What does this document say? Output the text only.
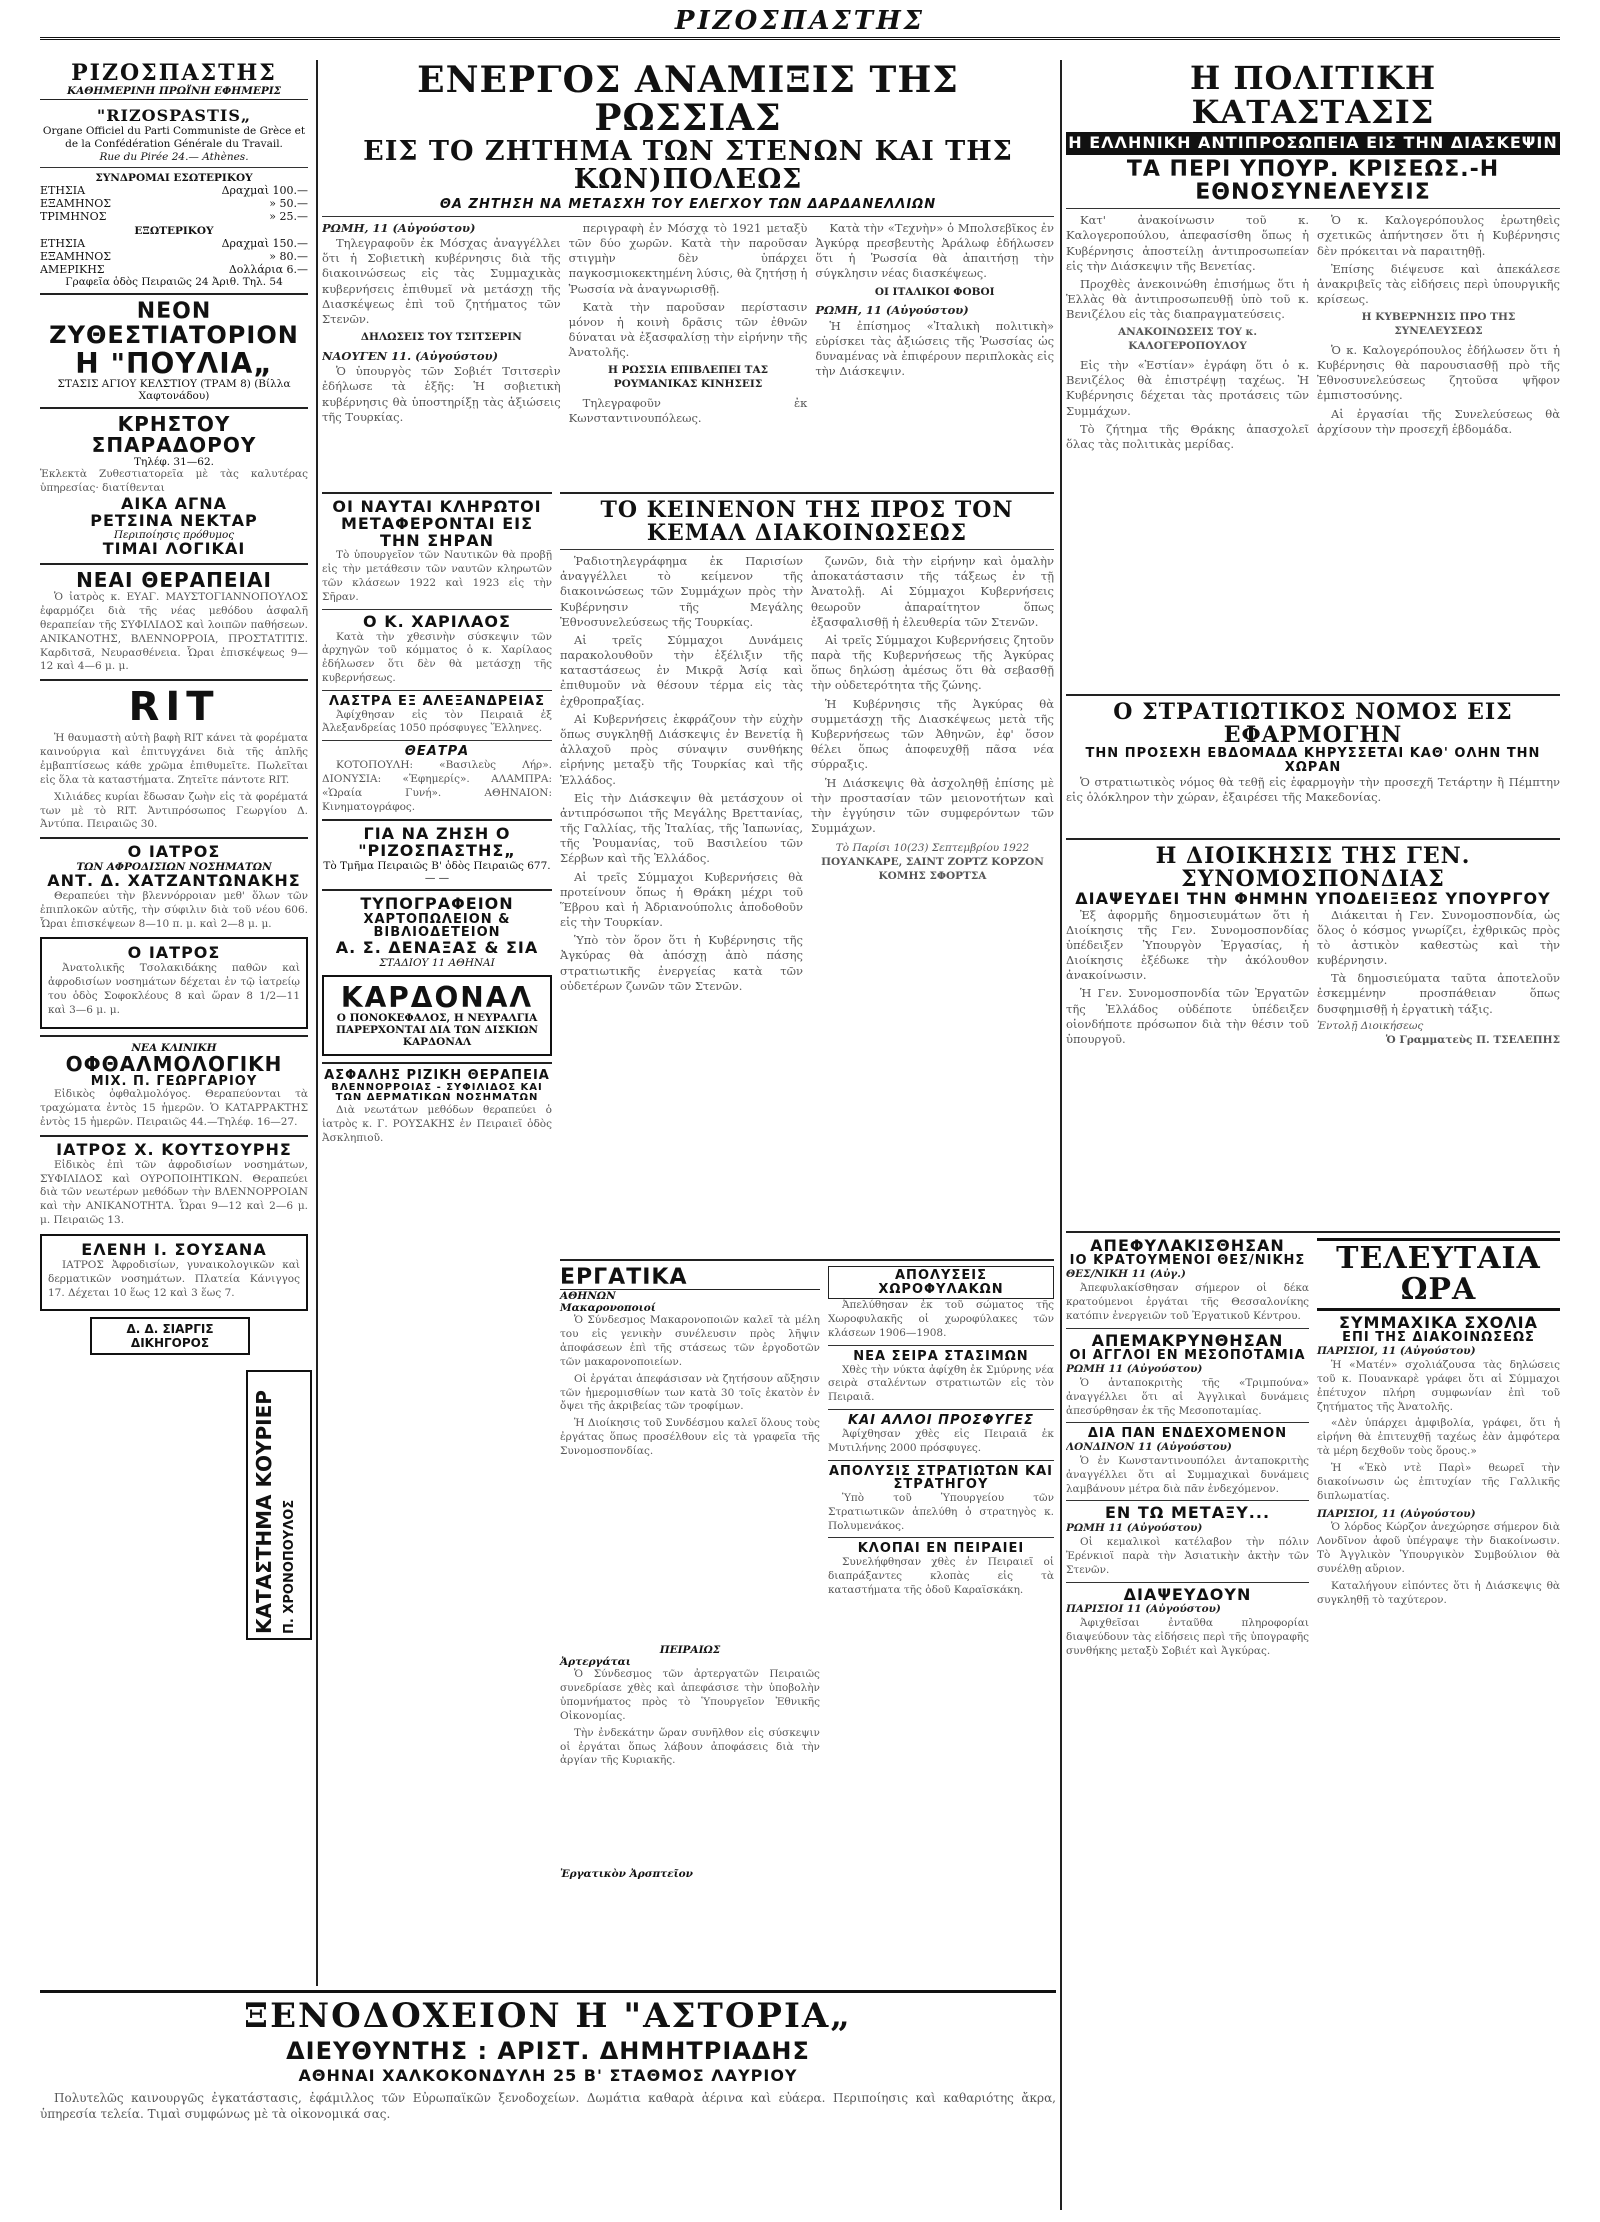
ΡΙΖΟΣΠΑΣΤΗΣ
ΡΙΖΟΣΠΑΣΤΗΣ
ΚΑΘΗΜΕΡΙΝΗ ΠΡΩΪΝΗ ΕΦΗΜΕΡΙΣ
"RIZOSPASTIS„
Organe Officiel du Parti Communiste de Grèce et de la Confédération Générale du Travail.
Rue du Pirée 24.— Athènes.
ΣΥΝΔΡΟΜΑΙ ΕΣΩΤΕΡΙΚΟΥ
ΕΤΗΣΙΑ	Δραχμαὶ 100.—
ΕΞΑΜΗΝΟΣ	» 50.—
ΤΡΙΜΗΝΟΣ	» 25.—
ΕΞΩΤΕΡΙΚΟΥ
ΕΤΗΣΙΑ	Δραχμαὶ 150.—
ΕΞΑΜΗΝΟΣ	» 80.—
ΑΜΕΡΙΚΗΣ	Δολλάρια 6.—
Γραφεῖα ὁδὸς Πειραιῶς 24 Ἀριθ. Τηλ. 54
ΝΕΟΝ
ΖΥΘΕΣΤΙΑΤΟΡΙΟΝ
Η "ΠΟΥΛΙΑ„
ΣΤΑΣΙΣ ΑΓΙΟΥ ΚΕΛΣΤΙΟΥ (ΤΡΑΜ 8) (Βίλλα Χαφτονάδου)
ΚΡΗΣΤΟΥ ΣΠΑΡΑΔΟΡΟΥ
Τηλέφ. 31—62.
Ἑκλεκτὰ Ζυθεστιατορεῖα μὲ τὰς καλυτέρας ὑπηρεσίας· διατίθενται
ΑΙΚΑ ΑΓΝΑ
ΡΕΤΣΙΝΑ ΝΕΚΤΑΡ
Περιποίησις πρόθυμος
ΤΙΜΑΙ ΛΟΓΙΚΑΙ
ΝΕΑΙ ΘΕΡΑΠΕΙΑΙ

Ὁ ἰατρὸς κ. ΕΥΑΓ. ΜΑΥΣΤΟΓΙΑΝΝΟΠΟΥΛΟΣ ἐφαρμόζει διὰ τῆς νέας μεθόδου ἀσφαλῆ θεραπείαν τῆς ΣΥΦΙΛΙΔΟΣ καὶ λοιπῶν παθήσεων. ΑΝΙΚΑΝΟΤΗΣ, ΒΛΕΝΝΟΡΡΟΙΑ, ΠΡΟΣΤΑΤΙΤΙΣ. Καρδιτσᾶ, Νευρασθένεια. Ὧραι ἐπισκέψεως 9—12 καὶ 4—6 μ. μ.

RIT

Ἡ θαυμαστὴ αὐτὴ βαφὴ RIT κάνει τὰ φορέματα καινούργια καὶ ἐπιτυγχάνει διὰ τῆς ἁπλῆς ἐμβαπτίσεως κάθε χρῶμα ἐπιθυμεῖτε. Πωλεῖται εἰς ὅλα τὰ καταστήματα. Ζητεῖτε πάντοτε RIT.

Χιλιάδες κυρίαι ἔδωσαν ζωὴν εἰς τὰ φορέματά των μὲ τὸ RIT. Ἀντιπρόσωπος Γεωργίου Δ. Ἀντύπα. Πειραιῶς 30.

Ο ΙΑΤΡΟΣ
ΤΩΝ ΑΦΡΟΔΙΣΙΩΝ ΝΟΣΗΜΑΤΩΝ
ΑΝΤ. Δ. ΧΑΤΖΑΝΤΩΝΑΚΗΣ

Θεραπεύει τὴν βλεννόρροιαν μεθ' ὅλων τῶν ἐπιπλοκῶν αὐτῆς, τὴν σύφιλιν διὰ τοῦ νέου 606. Ὧραι ἐπισκέψεων 8—10 π. μ. καὶ 2—8 μ. μ.

Ο ΙΑΤΡΟΣ

Ἀνατολικῆς Τσολακιδάκης παθῶν καὶ ἀφροδισίων νοσημάτων δέχεται ἐν τῷ ἰατρείῳ του ὁδὸς Σοφοκλέους 8 καὶ ὥραν 8 1/2—11 καὶ 3—6 μ. μ.

ΝΕΑ ΚΛΙΝΙΚΗ
ΟΦΘΑΛΜΟΛΟΓΙΚΗ
ΜΙΧ. Π. ΓΕΩΡΓΑΡΙΟΥ

Εἰδικὸς ὀφθαλμολόγος. Θεραπεύονται τὰ τραχώματα ἐντὸς 15 ἡμερῶν. Ὁ ΚΑΤΑΡΡΑΚΤΗΣ ἐντὸς 15 ἡμερῶν. Πειραιῶς 44.—Τηλέφ. 16—27.

ΙΑΤΡΟΣ Χ. ΚΟΥΤΣΟΥΡΗΣ

Εἰδικὸς ἐπὶ τῶν ἀφροδισίων νοσημάτων, ΣΥΦΙΛΙΔΟΣ καὶ ΟΥΡΟΠΟΙΗΤΙΚΩΝ. Θεραπεύει διὰ τῶν νεωτέρων μεθόδων τὴν ΒΛΕΝΝΟΡΡΟΙΑΝ καὶ τὴν ΑΝΙΚΑΝΟΤΗΤΑ. Ὧραι 9—12 καὶ 2—6 μ. μ. Πειραιῶς 13.

ΕΛΕΝΗ Ι. ΣΟΥΣΑΝΑ

ΙΑΤΡΟΣ Ἀφροδισίων, γυναικολογικῶν καὶ δερματικῶν νοσημάτων. Πλατεία Κάνιγγος 17. Δέχεται 10 ἕως 12 καὶ 3 ἕως 7.

Δ. Δ. ΣΙΑΡΓΙΣ ΔΙΚΗΓΟΡΟΣ
ΕΝΕΡΓΟΣ ΑΝΑΜΙΞΙΣ ΤΗΣ ΡΩΣΣΙΑΣ
ΕΙΣ ΤΟ ΖΗΤΗΜΑ ΤΩΝ ΣΤΕΝΩΝ ΚΑΙ ΤΗΣ ΚΩΝ)ΠΟΛΕΩΣ
ΘΑ ΖΗΤΗΣΗ ΝΑ ΜΕΤΑΣΧΗ ΤΟΥ ΕΛΕΓΧΟΥ ΤΩΝ ΔΑΡΔΑΝΕΛΛΙΩΝ
ΡΩΜΗ, 11 (Αὐγούστου)

Τηλεγραφοῦν ἐκ Μόσχας ἀναγγέλλει ὅτι ἡ Σοβιετικὴ κυβέρνησις διὰ τῆς διακοινώσεως εἰς τὰς Συμμαχικὰς κυβερνήσεις ἐπιθυμεῖ νὰ μετάσχῃ τῆς Διασκέψεως ἐπὶ τοῦ ζητήματος τῶν Στενῶν.

ΔΗΛΩΣΕΙΣ ΤΟΥ ΤΣΙΤΣΕΡΙΝ
ΝΑΟΥΓΕΝ 11. (Αὐγούστου)

Ὁ ὑπουργὸς τῶν Σοβιέτ Τσιτσερὶν ἐδήλωσε τὰ ἑξῆς: Ἡ σοβιετικὴ κυβέρνησις θὰ ὑποστηρίξῃ τὰς ἀξιώσεις τῆς Τουρκίας.

περιγραφὴ ἐν Μόσχᾳ τὸ 1921 μεταξὺ τῶν δύο χωρῶν. Κατὰ τὴν παροῦσαν στιγμὴν δὲν ὑπάρχει παγκοσμιοκεκτημένη λύσις, θὰ ζητήσῃ ἡ Ῥωσσία νὰ ἀναγνωρισθῇ.

Κατὰ τὴν παροῦσαν περίστασιν μόνον ἡ κοινὴ δρᾶσις τῶν ἐθνῶν δύναται νὰ ἐξασφαλίσῃ τὴν εἰρήνην τῆς Ἀνατολῆς.

Η ΡΩΣΣΙΑ ΕΠΙΒΛΕΠΕΙ ΤΑΣ ΡΟΥΜΑΝΙΚΑΣ ΚΙΝΗΣΕΙΣ

Τηλεγραφοῦν ἐκ Κωνσταντινουπόλεως.

Κατὰ τὴν «Τεχνὴν» ὁ Μπολσεβῖκος ἐν Ἀγκύρᾳ πρεσβευτὴς Ἀράλωφ ἐδήλωσεν ὅτι ἡ Ῥωσσία θὰ ἀπαιτήσῃ τὴν σύγκλησιν νέας διασκέψεως.

ΟΙ ΙΤΑΛΙΚΟΙ ΦΟΒΟΙ
ΡΩΜΗ, 11 (Αὐγούστου)

Ἡ ἐπίσημος «Ἰταλικὴ πολιτικὴ» εὑρίσκει τὰς ἀξιώσεις τῆς Ῥωσσίας ὡς δυναμένας νὰ ἐπιφέρουν περιπλοκὰς εἰς τὴν Διάσκεψιν.

ΟΙ ΝΑΥΤΑΙ ΚΛΗΡΩΤΟΙ
ΜΕΤΑΦΕΡΟΝΤΑΙ ΕΙΣ ΤΗΝ ΣΗΡΑΝ

Τὸ ὑπουργεῖον τῶν Ναυτικῶν θὰ προβῇ εἰς τὴν μετάθεσιν τῶν ναυτῶν κληρωτῶν τῶν κλάσεων 1922 καὶ 1923 εἰς τὴν Σῆραν.

Ο Κ. ΧΑΡΙΛΑΟΣ

Κατὰ τὴν χθεσινὴν σύσκεψιν τῶν ἀρχηγῶν τοῦ κόμματος ὁ κ. Χαρίλαος ἐδήλωσεν ὅτι δὲν θὰ μετάσχῃ τῆς κυβερνήσεως.

ΛΑΣΤΡΑ ΕΞ ΑΛΕΞΑΝΔΡΕΙΑΣ

Ἀφίχθησαν εἰς τὸν Πειραιᾶ ἐξ Ἀλεξανδρείας 1050 πρόσφυγες Ἕλληνες.

ΘΕΑΤΡΑ

ΚΟΤΟΠΟΥΛΗ: «Βασιλεὺς Λήρ». ΔΙΟΝΥΣΙΑ: «Ἐφημερίς». ΑΛΑΜΠΡΑ: «Ὡραία Γυνή». ΑΘΗΝΑΙΟΝ: Κινηματογράφος.

ΓΙΑ ΝΑ ΖΗΣΗ Ο "ΡΙΖΟΣΠΑΣΤΗΣ„
Τὸ Τμῆμα Πειραιῶς Β' ὁδὸς Πειραιῶς 677. — —
ΤΥΠΟΓΡΑΦΕΙΟΝ
ΧΑΡΤΟΠΩΛΕΙΟΝ & ΒΙΒΛΙΟΔΕΤΕΙΟΝ
Α. Σ. ΔΕΝΑΞΑΣ & ΣΙΑ
ΣΤΑΔΙΟΥ 11 ΑΘΗΝΑΙ
ΚΑΡΔΟΝΑΛ
Ο ΠΟΝΟΚΕΦΑΛΟΣ, Η ΝΕΥΡΑΛΓΙΑ ΠΑΡΕΡΧΟΝΤΑΙ ΔΙΑ ΤΩΝ ΔΙΣΚΙΩΝ ΚΑΡΔΟΝΑΛ
ΑΣΦΑΛΗΣ ΡΙΖΙΚΗ ΘΕΡΑΠΕΙΑ
ΒΛΕΝΝΟΡΡΟΙΑΣ - ΣΥΦΙΛΙΔΟΣ ΚΑΙ ΤΩΝ ΔΕΡΜΑΤΙΚΩΝ ΝΟΣΗΜΑΤΩΝ

Διὰ νεωτάτων μεθόδων θεραπεύει ὁ ἰατρὸς κ. Γ. ΡΟΥΣΑΚΗΣ ἐν Πειραιεῖ ὁδὸς Ἀσκληπιοῦ.

ΤΟ ΚΕΙΝΕΝΟΝ ΤΗΣ ΠΡΟΣ ΤΟΝ ΚΕΜΑΛ ΔΙΑΚΟΙΝΩΣΕΩΣ

Ῥαδιοτηλεγράφημα ἐκ Παρισίων ἀναγγέλλει τὸ κείμενον τῆς διακοινώσεως τῶν Συμμάχων πρὸς τὴν Κυβέρνησιν τῆς Μεγάλης Ἐθνοσυνελεύσεως τῆς Τουρκίας.

Αἱ τρεῖς Σύμμαχοι Δυνάμεις παρακολουθοῦν τὴν ἐξέλιξιν τῆς καταστάσεως ἐν Μικρᾷ Ἀσίᾳ καὶ ἐπιθυμοῦν νὰ θέσουν τέρμα εἰς τὰς ἐχθροπραξίας.

Αἱ Κυβερνήσεις ἐκφράζουν τὴν εὐχὴν ὅπως συγκληθῇ Διάσκεψις ἐν Βενετίᾳ ἢ ἀλλαχοῦ πρὸς σύναψιν συνθήκης εἰρήνης μεταξὺ τῆς Τουρκίας καὶ τῆς Ἑλλάδος.

Εἰς τὴν Διάσκεψιν θὰ μετάσχουν οἱ ἀντιπρόσωποι τῆς Μεγάλης Βρεττανίας, τῆς Γαλλίας, τῆς Ἰταλίας, τῆς Ἰαπωνίας, τῆς Ῥουμανίας, τοῦ Βασιλείου τῶν Σέρβων καὶ τῆς Ἑλλάδος.

Αἱ τρεῖς Σύμμαχοι Κυβερνήσεις θὰ προτείνουν ὅπως ἡ Θράκη μέχρι τοῦ Ἕβρου καὶ ἡ Ἀδριανούπολις ἀποδοθοῦν εἰς τὴν Τουρκίαν.

Ὑπὸ τὸν ὅρον ὅτι ἡ Κυβέρνησις τῆς Ἀγκύρας θὰ ἀπόσχῃ ἀπὸ πάσης στρατιωτικῆς ἐνεργείας κατὰ τῶν οὐδετέρων ζωνῶν τῶν Στενῶν.

ζωνῶν, διὰ τὴν εἰρήνην καὶ ὁμαλὴν ἀποκατάστασιν τῆς τάξεως ἐν τῇ Ἀνατολῇ. Αἱ Σύμμαχοι Κυβερνήσεις θεωροῦν ἀπαραίτητον ὅπως ἐξασφαλισθῇ ἡ ἐλευθερία τῶν Στενῶν.

Αἱ τρεῖς Σύμμαχοι Κυβερνήσεις ζητοῦν παρὰ τῆς Κυβερνήσεως τῆς Ἀγκύρας ὅπως δηλώσῃ ἀμέσως ὅτι θὰ σεβασθῇ τὴν οὐδετερότητα τῆς ζώνης.

Ἡ Κυβέρνησις τῆς Ἀγκύρας θὰ συμμετάσχῃ τῆς Διασκέψεως μετὰ τῆς Κυβερνήσεως τῶν Ἀθηνῶν, ἐφ' ὅσον θέλει ὅπως ἀποφευχθῇ πᾶσα νέα σύρραξις.

Ἡ Διάσκεψις θὰ ἀσχοληθῇ ἐπίσης μὲ τὴν προστασίαν τῶν μειονοτήτων καὶ τὴν ἐγγύησιν τῶν συμφερόντων τῶν Συμμάχων.

Τὸ Παρίσι 10(23) Σεπτεμβρίου 1922
ΠΟΥΑΝΚΑΡΕ, ΣΑΙΝΤ ΖΟΡΤΖ ΚΟΡΖΟΝ
ΚΟΜΗΣ ΣΦΟΡΤΣΑ
ΕΡΓΑΤΙΚΑ
ΑΘΗΝΩΝ
Μακαρονοποιοί

Ὁ Σύνδεσμος Μακαρονοποιῶν καλεῖ τὰ μέλη του εἰς γενικὴν συνέλευσιν πρὸς λῆψιν ἀποφάσεων ἐπὶ τῆς στάσεως τῶν ἐργοδοτῶν τῶν μακαρονοποιείων.

Οἱ ἐργάται ἀπεφάσισαν νὰ ζητήσουν αὔξησιν τῶν ἡμερομισθίων των κατὰ 30 τοῖς ἑκατὸν ἐν ὄψει τῆς ἀκριβείας τῶν τροφίμων.

Ἡ Διοίκησις τοῦ Συνδέσμου καλεῖ ὅλους τοὺς ἐργάτας ὅπως προσέλθουν εἰς τὰ γραφεῖα τῆς Συνομοσπονδίας.

ΠΕΙΡΑΙΩΣ
Ἀρτεργάται

Ὁ Σύνδεσμος τῶν ἀρτεργατῶν Πειραιῶς συνεδρίασε χθὲς καὶ ἀπεφάσισε τὴν ὑποβολὴν ὑπομνήματος πρὸς τὸ Ὑπουργεῖον Ἐθνικῆς Οἰκονομίας.

Τὴν ἐνδεκάτην ὥραν συνῆλθον εἰς σύσκεψιν οἱ ἐργάται ὅπως λάβουν ἀποφάσεις διὰ τὴν ἀργίαν τῆς Κυριακῆς.

Ἐργατικὸν Ἀρσπτεῖον
ΑΠΟΛΥΣΕΙΣ ΧΩΡΟΦΥΛΑΚΩΝ

Ἀπελύθησαν ἐκ τοῦ σώματος τῆς Χωροφυλακῆς οἱ χωροφύλακες τῶν κλάσεων 1906—1908.

ΝΕΑ ΣΕΙΡΑ ΣΤΑΣΙΜΩΝ

Χθὲς τὴν νύκτα ἀφίχθη ἐκ Σμύρνης νέα σειρὰ σταλέντων στρατιωτῶν εἰς τὸν Πειραιᾶ.

ΚΑΙ ΑΛΛΟΙ ΠΡΟΣΦΥΓΕΣ

Ἀφίχθησαν χθὲς εἰς Πειραιᾶ ἐκ Μυτιλήνης 2000 πρόσφυγες.

ΑΠΟΛΥΣΙΣ ΣΤΡΑΤΙΩΤΩΝ ΚΑΙ ΣΤΡΑΤΗΓΟΥ

Ὑπὸ τοῦ Ὑπουργείου τῶν Στρατιωτικῶν ἀπελύθη ὁ στρατηγὸς κ. Πολυμενάκος.

ΚΛΟΠΑΙ ΕΝ ΠΕΙΡΑΙΕΙ

Συνελήφθησαν χθὲς ἐν Πειραιεῖ οἱ διαπράξαντες κλοπὰς εἰς τὰ καταστήματα τῆς ὁδοῦ Καραϊσκάκη.

ΚΑΤΑΣΤΗΜΑ ΚΟΥΡΙΕΡ Π. ΧΡΟΝΟΠΟΥΛΟΣ
Η ΠΟΛΙΤΙΚΗ ΚΑΤΑΣΤΑΣΙΣ
Η ΕΛΛΗΝΙΚΗ ΑΝΤΙΠΡΟΣΩΠΕΙΑ ΕΙΣ ΤΗΝ ΔΙΑΣΚΕΨΙΝ
ΤΑ ΠΕΡΙ ΥΠΟΥΡ. ΚΡΙΣΕΩΣ.-Η ΕΘΝΟΣΥΝΕΛΕΥΣΙΣ

Κατ' ἀνακοίνωσιν τοῦ κ. Καλογεροπούλου, ἀπεφασίσθη ὅπως ἡ Κυβέρνησις ἀποστείλῃ ἀντιπροσωπείαν εἰς τὴν Διάσκεψιν τῆς Βενετίας.

Προχθὲς ἀνεκοινώθη ἐπισήμως ὅτι ἡ Ἑλλὰς θὰ ἀντιπροσωπευθῇ ὑπὸ τοῦ κ. Βενιζέλου εἰς τὰς διαπραγματεύσεις.

ΑΝΑΚΟΙΝΩΣΕΙΣ ΤΟΥ κ. ΚΑΛΟΓΕΡΟΠΟΥΛΟΥ

Εἰς τὴν «Ἑστίαν» ἐγράφη ὅτι ὁ κ. Βενιζέλος θὰ ἐπιστρέψῃ ταχέως. Ἡ Κυβέρνησις δέχεται τὰς προτάσεις τῶν Συμμάχων.

Τὸ ζήτημα τῆς Θράκης ἀπασχολεῖ ὅλας τὰς πολιτικὰς μερίδας.

Ὁ κ. Καλογερόπουλος ἐρωτηθεὶς σχετικῶς ἀπήντησεν ὅτι ἡ Κυβέρνησις δὲν πρόκειται νὰ παραιτηθῇ.

Ἐπίσης διέψευσε καὶ ἀπεκάλεσε ἀνακριβεῖς τὰς εἰδήσεις περὶ ὑπουργικῆς κρίσεως.

Η ΚΥΒΕΡΝΗΣΙΣ ΠΡΟ ΤΗΣ ΣΥΝΕΛΕΥΣΕΩΣ

Ὁ κ. Καλογερόπουλος ἐδήλωσεν ὅτι ἡ Κυβέρνησις θὰ παρουσιασθῇ πρὸ τῆς Ἐθνοσυνελεύσεως ζητοῦσα ψῆφον ἐμπιστοσύνης.

Αἱ ἐργασίαι τῆς Συνελεύσεως θὰ ἀρχίσουν τὴν προσεχῆ ἑβδομάδα.

Ο ΣΤΡΑΤΙΩΤΙΚΟΣ ΝΟΜΟΣ ΕΙΣ ΕΦΑΡΜΟΓΗΝ
ΤΗΝ ΠΡΟΣΕΧΗ ΕΒΔΟΜΑΔΑ ΚΗΡΥΣΣΕΤΑΙ ΚΑΘ' ΟΛΗΝ ΤΗΝ ΧΩΡΑΝ

Ὁ στρατιωτικὸς νόμος θὰ τεθῇ εἰς ἐφαρμογὴν τὴν προσεχῆ Τετάρτην ἢ Πέμπτην εἰς ὁλόκληρον τὴν χώραν, ἐξαιρέσει τῆς Μακεδονίας.

Η ΔΙΟΙΚΗΣΙΣ ΤΗΣ ΓΕΝ. ΣΥΝΟΜΟΣΠΟΝΔΙΑΣ
ΔΙΑΨΕΥΔΕΙ ΤΗΝ ΦΗΜΗΝ ΥΠΟΔΕΙΞΕΩΣ ΥΠΟΥΡΓΟΥ

Ἐξ ἀφορμῆς δημοσιευμάτων ὅτι ἡ Διοίκησις τῆς Γεν. Συνομοσπονδίας ὑπέδειξεν Ὑπουργὸν Ἐργασίας, ἡ Διοίκησις ἐξέδωκε τὴν ἀκόλουθον ἀνακοίνωσιν.

Ἡ Γεν. Συνομοσπονδία τῶν Ἐργατῶν τῆς Ἑλλάδος οὐδέποτε ὑπέδειξεν οἱονδήποτε πρόσωπον διὰ τὴν θέσιν τοῦ ὑπουργοῦ.

Διάκειται ἡ Γεν. Συνομοσπονδία, ὡς ὅλος ὁ κόσμος γνωρίζει, ἐχθρικῶς πρὸς τὸ ἀστικὸν καθεστὼς καὶ τὴν κυβέρνησιν.

Τὰ δημοσιεύματα ταῦτα ἀποτελοῦν ἐσκεμμένην προσπάθειαν ὅπως δυσφημισθῇ ἡ ἐργατικὴ τάξις.

Ἐντολῇ Διοικήσεως
Ὁ Γραμματεὺς Π. ΤΣΕΛΕΠΗΣ
ΑΠΕΦΥΛΑΚΙΣΘΗΣΑΝ
ΙΟ ΚΡΑΤΟΥΜΕΝΟΙ ΘΕΣ/ΝΙΚΗΣ
ΘΕΣ/ΝΙΚΗ 11 (Αὐγ.)

Ἀπεφυλακίσθησαν σήμερον οἱ δέκα κρατούμενοι ἐργάται τῆς Θεσσαλονίκης κατόπιν ἐνεργειῶν τοῦ Ἐργατικοῦ Κέντρου.

ΑΠΕΜΑΚΡΥΝΘΗΣΑΝ
ΟΙ ΑΓΓΛΟΙ ΕΝ ΜΕΣΟΠΟΤΑΜΙΑ
ΡΩΜΗ 11 (Αὐγούστου)

Ὁ ἀνταποκριτὴς τῆς «Τριμπούνα» ἀναγγέλλει ὅτι αἱ Ἀγγλικαὶ δυνάμεις ἀπεσύρθησαν ἐκ τῆς Μεσοποταμίας.

ΔΙΑ ΠΑΝ ΕΝΔΕΧΟΜΕΝΟΝ
ΛΟΝΔΙΝΟΝ 11 (Αὐγούστου)

Ὁ ἐν Κωνσταντινουπόλει ἀνταποκριτὴς ἀναγγέλλει ὅτι αἱ Συμμαχικαὶ δυνάμεις λαμβάνουν μέτρα διὰ πᾶν ἐνδεχόμενον.

ΕΝ ΤΩ ΜΕΤΑΞΥ...
ΡΩΜΗ 11 (Αὐγούστου)

Οἱ κεμαλικοὶ κατέλαβον τὴν πόλιν Ἐρένκιοϊ παρὰ τὴν Ἀσιατικὴν ἀκτὴν τῶν Στενῶν.

ΔΙΑΨΕΥΔΟΥΝ
ΠΑΡΙΣΙΟΙ 11 (Αὐγούστου)

Ἀφιχθεῖσαι ἐνταῦθα πληροφορίαι διαψεύδουν τὰς εἰδήσεις περὶ τῆς ὑπογραφῆς συνθήκης μεταξὺ Σοβιέτ καὶ Ἀγκύρας.

ΤΕΛΕΥΤΑΙΑ ΩΡΑ
ΣΥΜΜΑΧΙΚΑ ΣΧΟΛΙΑ
ΕΠΙ ΤΗΣ ΔΙΑΚΟΙΝΩΣΕΩΣ
ΠΑΡΙΣΙΟΙ, 11 (Αὐγούστου)

Ἡ «Ματέν» σχολιάζουσα τὰς δηλώσεις τοῦ κ. Πουανκαρὲ γράφει ὅτι αἱ Σύμμαχοι ἐπέτυχον πλήρη συμφωνίαν ἐπὶ τοῦ ζητήματος τῆς Ἀνατολῆς.

«Δὲν ὑπάρχει ἀμφιβολία, γράφει, ὅτι ἡ εἰρήνη θὰ ἐπιτευχθῇ ταχέως ἐὰν ἀμφότερα τὰ μέρη δεχθοῦν τοὺς ὅρους.»

Ἡ «Ἐκὸ ντὲ Παρὶ» θεωρεῖ τὴν διακοίνωσιν ὡς ἐπιτυχίαν τῆς Γαλλικῆς διπλωματίας.

ΠΑΡΙΣΙΟΙ, 11 (Αὐγούστου)

Ὁ λόρδος Κώρζον ἀνεχώρησε σήμερον διὰ Λονδῖνον ἀφοῦ ὑπέγραψε τὴν διακοίνωσιν. Τὸ Ἀγγλικὸν Ὑπουργικὸν Συμβούλιον θὰ συνέλθῃ αὔριον.

Καταλήγουν εἰπόντες ὅτι ἡ Διάσκεψις θὰ συγκληθῇ τὸ ταχύτερον.

ΞΕΝΟΔΟΧΕΙΟΝ Η "ΑΣΤΟΡΙΑ„
ΔΙΕΥΘΥΝΤΗΣ : ΑΡΙΣΤ. ΔΗΜΗΤΡΙΑΔΗΣ
ΑΘΗΝΑΙ ΧΑΛΚΟΚΟΝΔΥΛΗ 25 Β' ΣΤΑΘΜΟΣ ΛΑΥΡΙΟΥ

Πολυτελῶς καινουργῶς ἐγκατάστασις, ἐφάμιλλος τῶν Εὐρωπαϊκῶν ξενοδοχείων. Δωμάτια καθαρὰ ἀέρινα καὶ εὐάερα. Περιποίησις καὶ καθαριότης ἄκρα, ὑπηρεσία τελεία. Τιμαὶ συμφώνως μὲ τὰ οἰκονομικά σας.
